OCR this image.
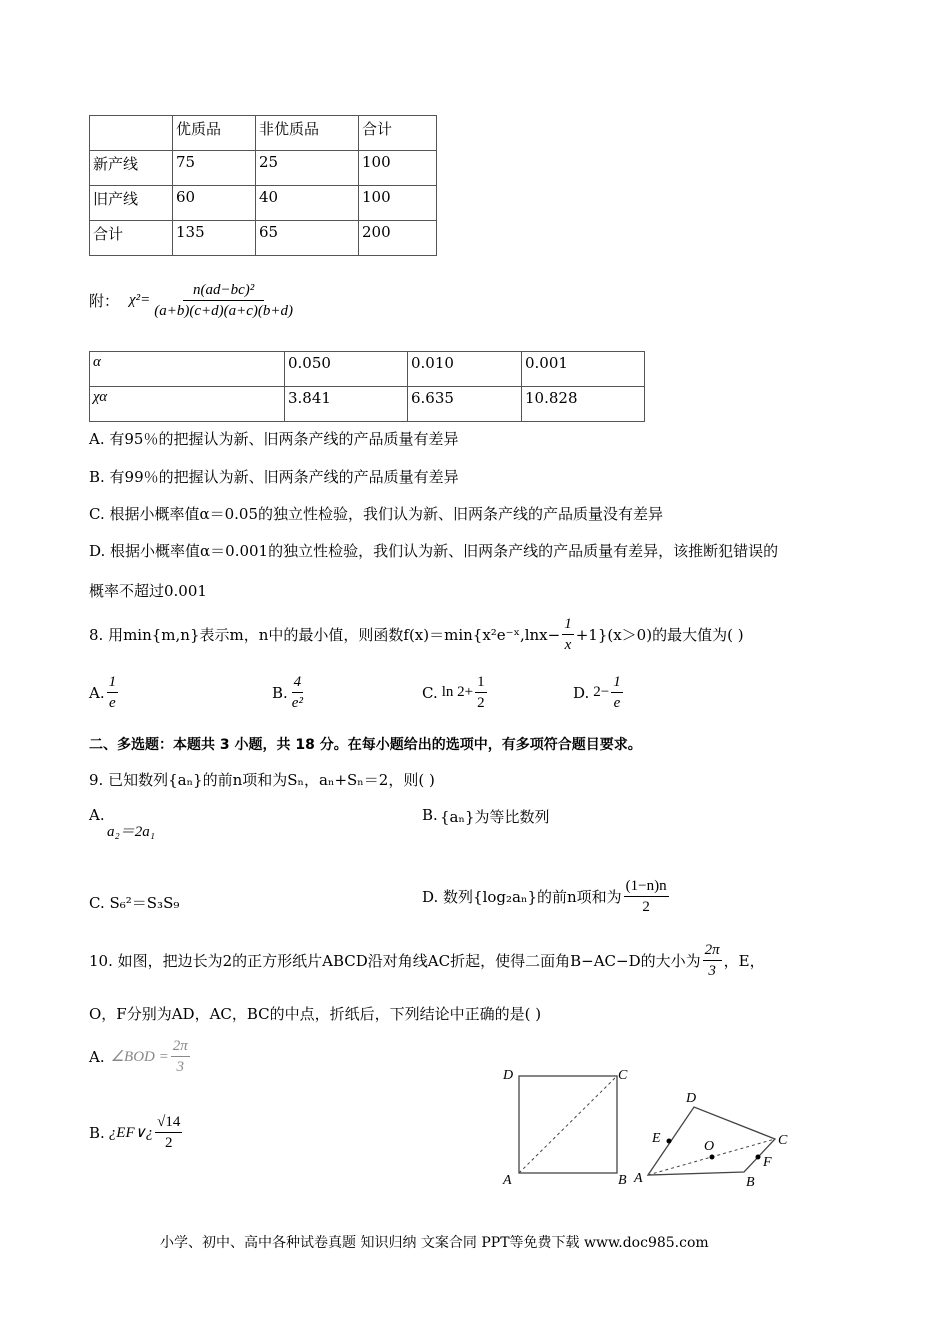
	优质品	非优质品	合计
新产线	75	25	100
旧产线	60	40	100
合计	135	65	200
附： $\chi^2= \frac{\text{n(ad−bc)²}}{(a+b)(c+d)(a+c)(b+d)}$
α	0.050	0.010	0.001
χα	3.841	6.635	10.828
A. 有95％的把握认为新、旧两条产线的产品质量有差异
B. 有99％的把握认为新、旧两条产线的产品质量有差异
C. 根据小概率值α＝0.05的独立性检验，我们认为新、旧两条产线的产品质量没有差异
D. 根据小概率值α＝0.001的独立性检验，我们认为新、旧两条产线的产品质量有差异，该推断犯错误的
概率不超过0.001
8. 用min{m,n}表示m，n中的最小值，则函数f(x)＝min{x²e⁻ˣ,lnx− $\frac{1}{x} +1\}(x>0)$的最大值为( )
A. $\frac{1}{e}$	B. $\frac{4}{\text{e²}}$	C. $\ln 2+ \frac{1}{2}$	D. $2- \frac{1}{e}$
二、多选题：本题共 3 小题，共 18 分。在每小题给出的选项中，有多项符合题目要求。
9. 已知数列{aₙ}的前n项和为Sₙ，aₙ+Sₙ＝2，则( )
A.
a₂＝2a₁
B. {aₙ}为等比数列
C. S₆²＝S₃S₉	D. 数列{log₂aₙ}的前n项和为 $\frac{(1-n)n}{2}$
10. 如图，把边长为2的正方形纸片ABCD沿对角线AC折起，使得二面角B−AC−D的大小为 $\frac{2\pi}{3}$ ，E，
O，F分别为AD，AC，BC的中点，折纸后，下列结论中正确的是( )
A. ∠BOD = $\frac{2\pi}{3}$
B. ¿EF∨¿ $\frac{√14}{2}$
D	C
A	B
D
E
O	C
F
A	B
小学、初中、高中各种试卷真题 知识归纳 文案合同 PPT等免费下载 www.doc985.com
